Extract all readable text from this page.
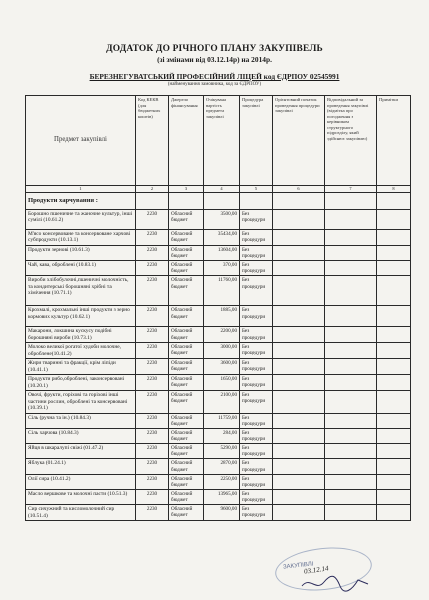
ДОДАТОК ДО РІЧНОГО ПЛАНУ ЗАКУПІВЕЛЬ
(зі змінами від 03.12.14р) на 2014р.
БЕРЕЗНЕГУВАТСЬКИЙ ПРОФЕСІЙНИЙ ЛІЦЕЙ код ЄДРПОУ 02545991
(найменування замовника, код за ЄДРПОУ)
Предмет закупівлі	Код КЕКВ (для бюджетних коштів)	Джерело фінансування	Очікувана вартість предмета закупівлі	Процедура закупівлі	Орієнтовний початок проведення процедури закупівлі	Відповідальний за проведення закупівлі (відмітка про погодження з керівником структурного підрозділу, який здійснює закупівлю)	Примітки
1	2	3	4	5	6	7	8
Продукти харчування :							
Борошно пшеничне та жаночне культур, інші сумілі (10.61.2)	2230	Обласний бюджет	3500,00	Без процедури			
М'ясо консервоване та консервоване харчові субпродукти (10.13.1)	2230	Обласний бюджет	35434,00	Без процедури			
Продукти зернові (10.61.3)	2230	Обласний бюджет	13604,00	Без процедури			
Чай, кава, оброблені (10.83.1)	2230	Обласний бюджет	370,00	Без процедури			
Вироби хлібобулочні,пшеничні молочність, та кондитерські борошняні хрібні та хімічення (10.71.1)	2230	Обласний бюджет	11760,00	Без процедури			
Крохмалі, крохмальні інші продукти з зерно кормових культур (10.62.1)	2230	Обласний бюджет	1885,00	Без процедури			
Макарони, локшина кускусу подібні борошняні вироби (10.73.1)	2230	Обласний бюджет	2200,00	Без процедури			
Молоко великої рогатої худоби молочне, оброблене(10.41.2)	2230	Обласний бюджет	3000,00	Без процедури			
Жири тваринні та фракції, крім ліпіди (10.41.1)	2230	Обласний бюджет	3600,00	Без процедури			
Продукти рибо,оброблені, законсервовані (10.20.1)	2230	Обласний бюджет	1650,00	Без процедури			
Овочі, фрукти, горіхові та горіхові інші частини рослин, оброблені та консервовані (10.39.1)	2230	Обласний бюджет	2100,00	Без процедури			
Сіль (ручна та ін.) (10.84.3)	2230	Обласний бюджет	11759,00	Без процедури			
Сіль харчова (10.84.3)	2230	Обласний бюджет	284,00	Без процедури			
Яйця в шкаралупі свіжі (01.47.2)	2230	Обласний бюджет	5290,00	Без процедури			
Яблука (01.24.1)	2230	Обласний бюджет	2870,00	Без процедури			
Олії сира (10.41.2)	2230	Обласний бюджет	2250,00	Без процедури			
Масло вершкове та молочні пасти (10.51.3)	2230	Обласний бюджет	13965,00	Без процедури			
Сир сичужний та кисломолочний сир (10.51.4)	2230	Обласний бюджет	9600,00	Без процедури			
ЗАКУПІВЛІ
03.12.14
